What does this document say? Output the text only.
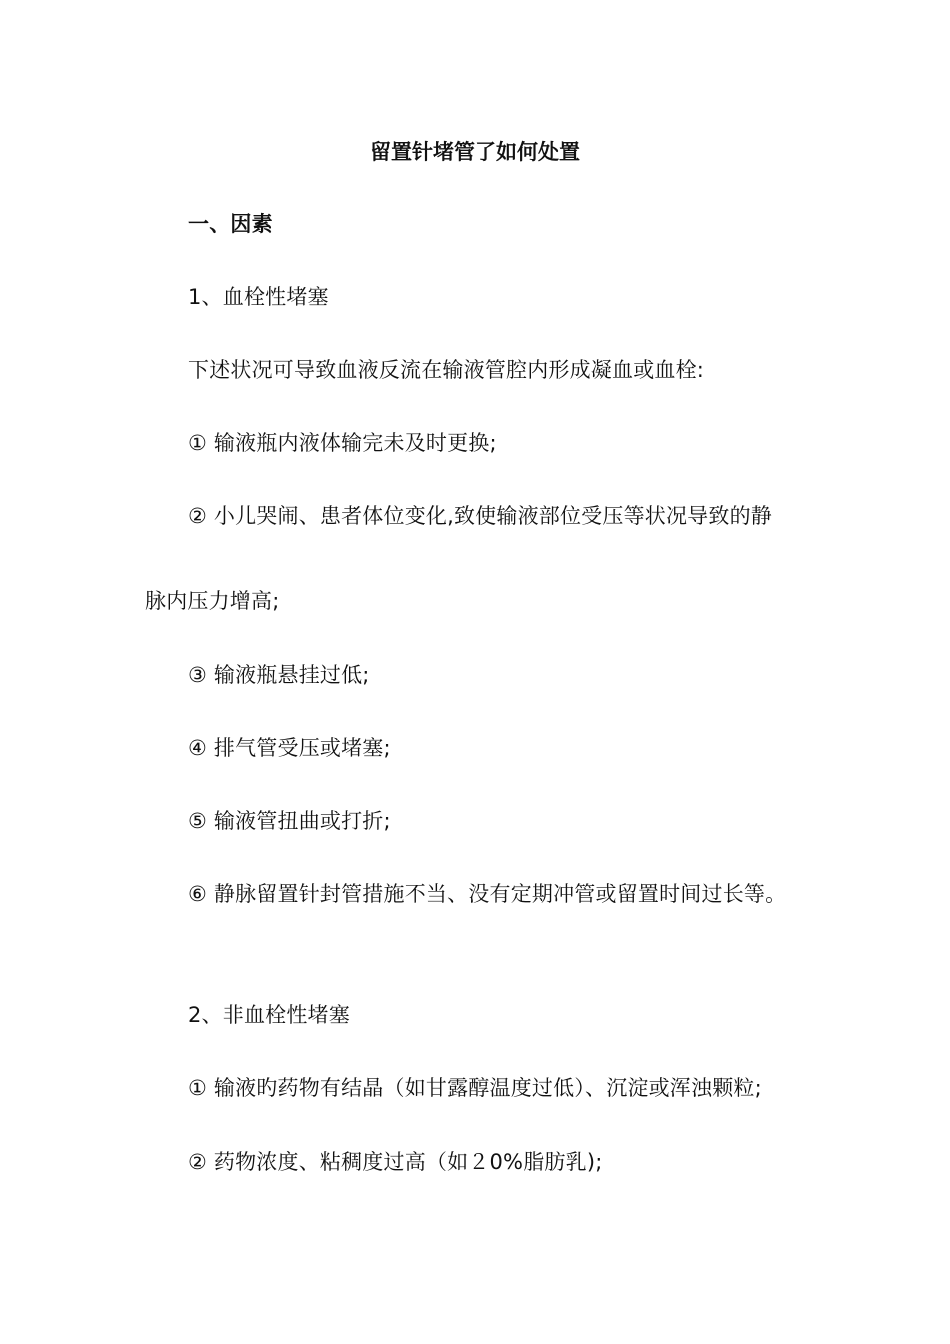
留置针堵管了如何处置
一、因素
1、血栓性堵塞
下述状况可导致血液反流在输液管腔内形成凝血或血栓:
① 输液瓶内液体输完未及时更换;
② 小儿哭闹、患者体位变化,致使输液部位受压等状况导致的静
脉内压力增高;
③ 输液瓶悬挂过低;
④ 排气管受压或堵塞;
⑤ 输液管扭曲或打折;
⑥ 静脉留置针封管措施不当、没有定期冲管或留置时间过长等。
2、非血栓性堵塞
① 输液旳药物有结晶（如甘露醇温度过低）、沉淀或浑浊颗粒;
② 药物浓度、粘稠度过高（如２0%脂肪乳);
